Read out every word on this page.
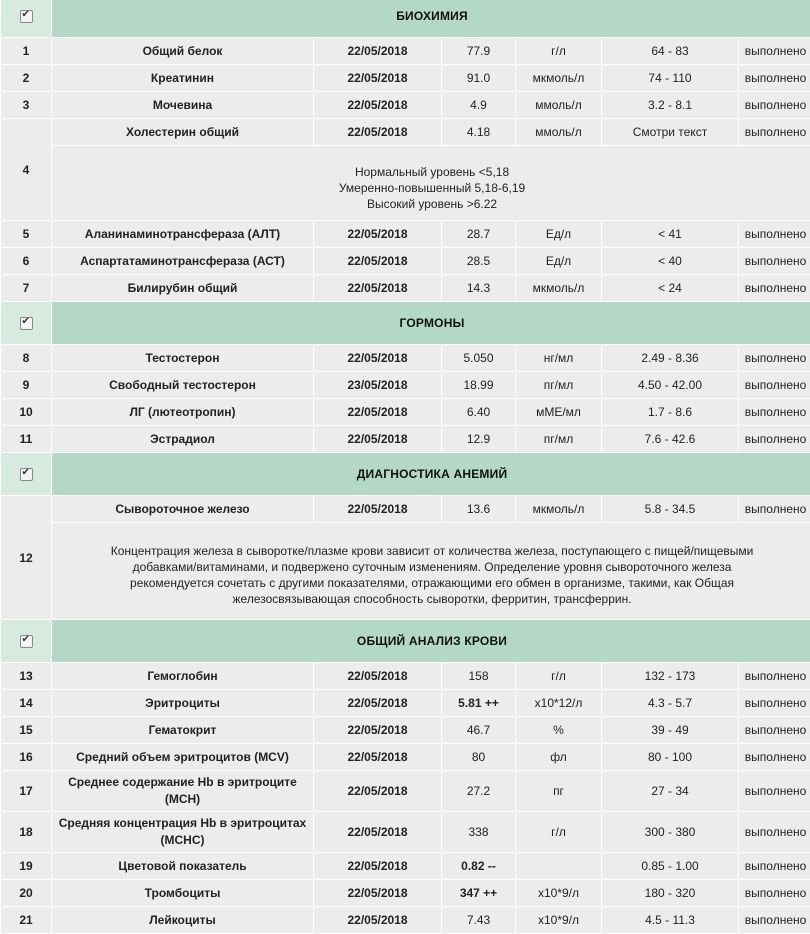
✔	БИОХИМИЯ					
1	Общий белок	22/05/2018	77.9	г/л	64 - 83	выполнено
2	Креатинин	22/05/2018	91.0	мкмоль/л	74 - 110	выполнено
3	Мочевина	22/05/2018	4.9	ммоль/л	3.2 - 8.1	выполнено
4	Холестерин общий	22/05/2018	4.18	ммоль/л	Смотри текст	выполнено

	Нормальный уровень <5,18
Умеренно-повышенный 5,18-6,19
Высокий уровень >6.22					

5	Аланинаминотрансфераза (АЛТ)	22/05/2018	28.7	Ед/л	< 41	выполнено
6	Аспартатаминотрансфераза (АСТ)	22/05/2018	28.5	Ед/л	< 40	выполнено
7	Билирубин общий	22/05/2018	14.3	мкмоль/л	< 24	выполнено
✔	ГОРМОНЫ					
8	Тестостерон	22/05/2018	5.050	нг/мл	2.49 - 8.36	выполнено
9	Свободный тестостерон	23/05/2018	18.99	пг/мл	4.50 - 42.00	выполнено
10	ЛГ (лютеотропин)	22/05/2018	6.40	мМЕ/мл	1.7 - 8.6	выполнено
11	Эстрадиол	22/05/2018	12.9	пг/мл	7.6 - 42.6	выполнено
✔	ДИАГНОСТИКА АНЕМИЙ					
12	Сывороточное железо	22/05/2018	13.6	мкмоль/л	5.8 - 34.5	выполнено
	Концентрация железа в сыворотке/плазме крови зависит от количества железа, поступающего с пищей/пищевыми добавками/витаминами, и подвержено суточным изменениям. Определение уровня сывороточного железа рекомендуется сочетать с другими показателями, отражающими его обмен в организме, такими, как Общая железосвязывающая способность сыворотки, ферритин, трансферрин.					
✔	ОБЩИЙ АНАЛИЗ КРОВИ					
13	Гемоглобин	22/05/2018	158	г/л	132 - 173	выполнено
14	Эритроциты	22/05/2018	5.81 ++	x10*12/л	4.3 - 5.7	выполнено
15	Гематокрит	22/05/2018	46.7	%	39 - 49	выполнено
16	Средний объем эритроцитов (MCV)	22/05/2018	80	фл	80 - 100	выполнено
17	Среднее содержание Hb в эритроците (MCH)	22/05/2018	27.2	пг	27 - 34	выполнено
18	Средняя концентрация Hb в эритроцитах (MCHC)	22/05/2018	338	г/л	300 - 380	выполнено
19	Цветовой показатель	22/05/2018	0.82 --		0.85 - 1.00	выполнено
20	Тромбоциты	22/05/2018	347 ++	x10*9/л	180 - 320	выполнено
21	Лейкоциты	22/05/2018	7.43	x10*9/л	4.5 - 11.3	выполнено
